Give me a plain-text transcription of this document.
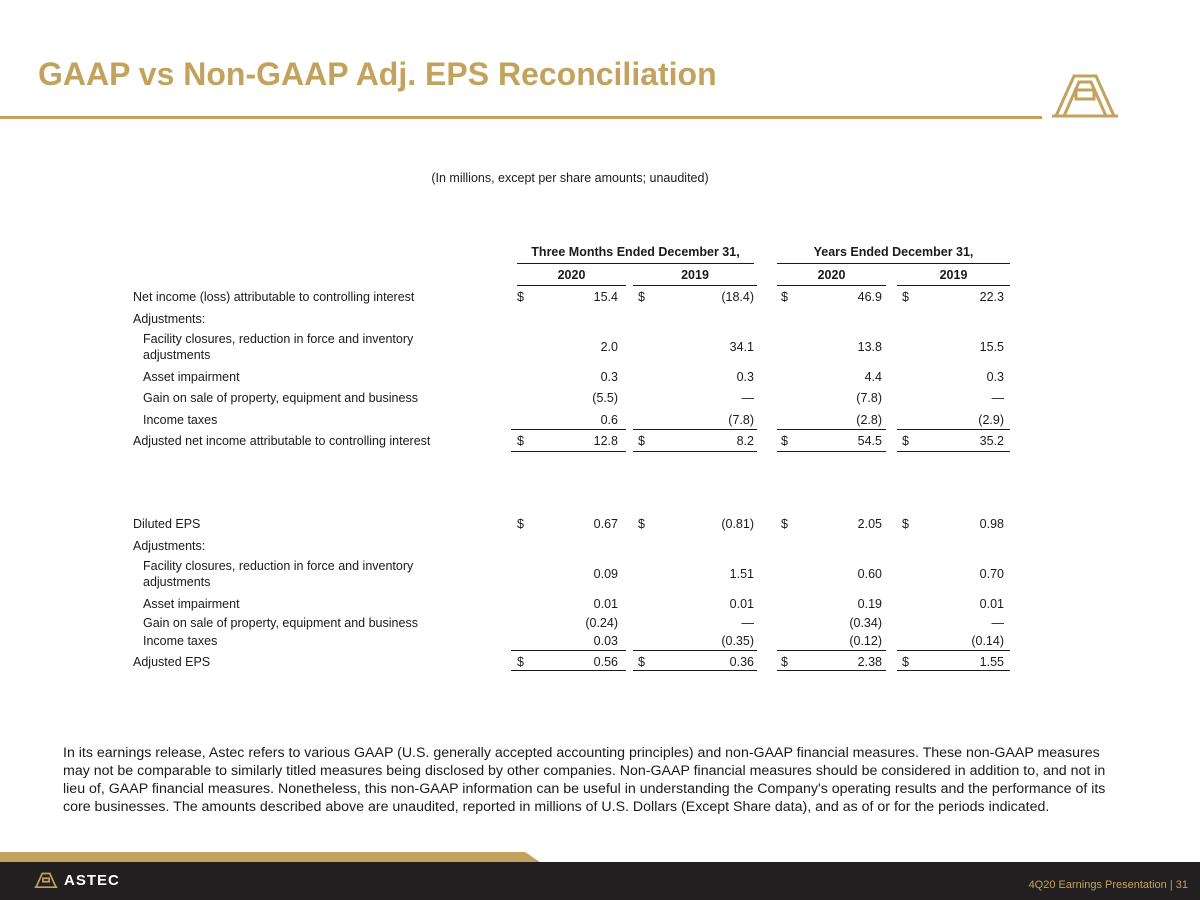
GAAP vs Non-GAAP Adj. EPS Reconciliation
(In millions, except per share amounts; unaudited)
Three Months Ended December 31,	Years Ended December 31,
2020	2019	2020	2019
Net income (loss) attributable to controlling interest	$	15.4 $	(18.4) $	46.9 $	22.3
Adjustments:
Facility closures, reduction in force and inventory
adjustments
2.0	34.1	13.8	15.5
Asset impairment	0.3	0.3	4.4	0.3
Gain on sale of property, equipment and business	(5.5)	—	(7.8)	—
Income taxes	0.6	(7.8)	(2.8)	(2.9)
Adjusted net income attributable to controlling interest	$	12.8 $	8.2 $	54.5 $	35.2
Diluted EPS	$	0.67 $	(0.81) $	2.05 $	0.98
Adjustments:
Facility closures, reduction in force and inventory
adjustments
0.09	1.51	0.60	0.70
Asset impairment	0.01	0.01	0.19	0.01
Gain on sale of property, equipment and business	(0.24)	—	(0.34)	—
Income taxes	0.03	(0.35)	(0.12)	(0.14)
Adjusted EPS	$	0.56 $	0.36 $	2.38 $	1.55
In its earnings release, Astec refers to various GAAP (U.S. generally accepted accounting principles) and non-GAAP financial measures. These non-GAAP measures may not be comparable to similarly titled measures being disclosed by other companies. Non-GAAP financial measures should be considered in addition to, and not in lieu of, GAAP financial measures. Nonetheless, this non-GAAP information can be useful in understanding the Company's operating results and the performance of its core businesses. The amounts described above are unaudited, reported in millions of U.S. Dollars (Except Share data), and as of or for the periods indicated.
ASTEC	4Q20 Earnings Presentation | 31
